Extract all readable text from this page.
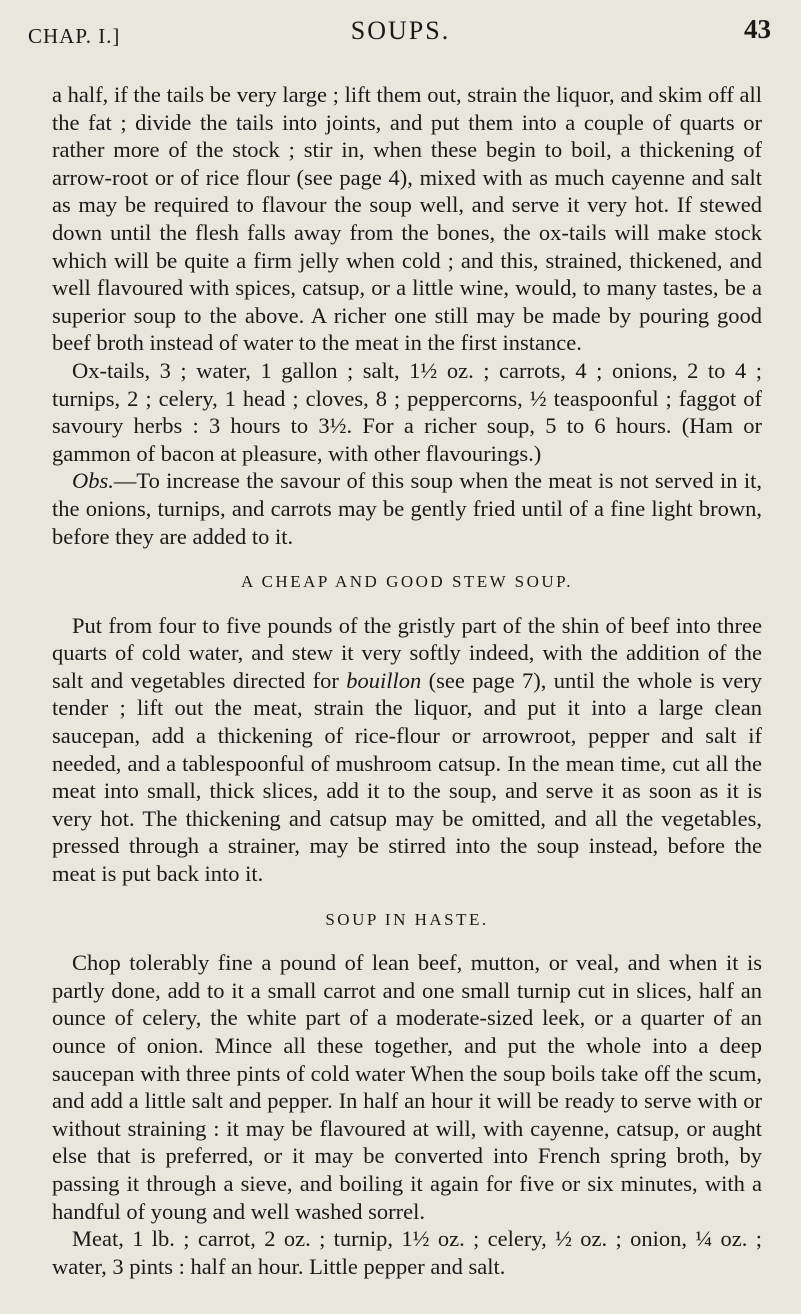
CHAP. I.]	SOUPS.	43

a half, if the tails be very large ; lift them out, strain the liquor, and skim off all the fat ; divide the tails into joints, and put them into a couple of quarts or rather more of the stock ; stir in, when these begin to boil, a thickening of arrow-root or of rice flour (see page 4), mixed with as much cayenne and salt as may be required to flavour the soup well, and serve it very hot. If stewed down until the flesh falls away from the bones, the ox-tails will make stock which will be quite a firm jelly when cold ; and this, strained, thickened, and well flavoured with spices, catsup, or a little wine, would, to many tastes, be a superior soup to the above. A richer one still may be made by pouring good beef broth instead of water to the meat in the first instance.

Ox-tails, 3 ; water, 1 gallon ; salt, 1½ oz. ; carrots, 4 ; onions, 2 to 4 ; turnips, 2 ; celery, 1 head ; cloves, 8 ; peppercorns, ½ teaspoonful ; faggot of savoury herbs : 3 hours to 3½. For a richer soup, 5 to 6 hours. (Ham or gammon of bacon at pleasure, with other flavourings.)

Obs.—To increase the savour of this soup when the meat is not served in it, the onions, turnips, and carrots may be gently fried until of a fine light brown, before they are added to it.

A CHEAP AND GOOD STEW SOUP.

Put from four to five pounds of the gristly part of the shin of beef into three quarts of cold water, and stew it very softly indeed, with the addition of the salt and vegetables directed for bouillon (see page 7), until the whole is very tender ; lift out the meat, strain the liquor, and put it into a large clean saucepan, add a thickening of rice-flour or arrowroot, pepper and salt if needed, and a tablespoonful of mushroom catsup. In the mean time, cut all the meat into small, thick slices, add it to the soup, and serve it as soon as it is very hot. The thickening and catsup may be omitted, and all the vegetables, pressed through a strainer, may be stirred into the soup instead, before the meat is put back into it.

SOUP IN HASTE.

Chop tolerably fine a pound of lean beef, mutton, or veal, and when it is partly done, add to it a small carrot and one small turnip cut in slices, half an ounce of celery, the white part of a moderate-sized leek, or a quarter of an ounce of onion. Mince all these together, and put the whole into a deep saucepan with three pints of cold water When the soup boils take off the scum, and add a little salt and pepper. In half an hour it will be ready to serve with or without straining : it may be flavoured at will, with cayenne, catsup, or aught else that is preferred, or it may be converted into French spring broth, by passing it through a sieve, and boiling it again for five or six minutes, with a handful of young and well washed sorrel.

Meat, 1 lb. ; carrot, 2 oz. ; turnip, 1½ oz. ; celery, ½ oz. ; onion, ¼ oz. ; water, 3 pints : half an hour. Little pepper and salt.
